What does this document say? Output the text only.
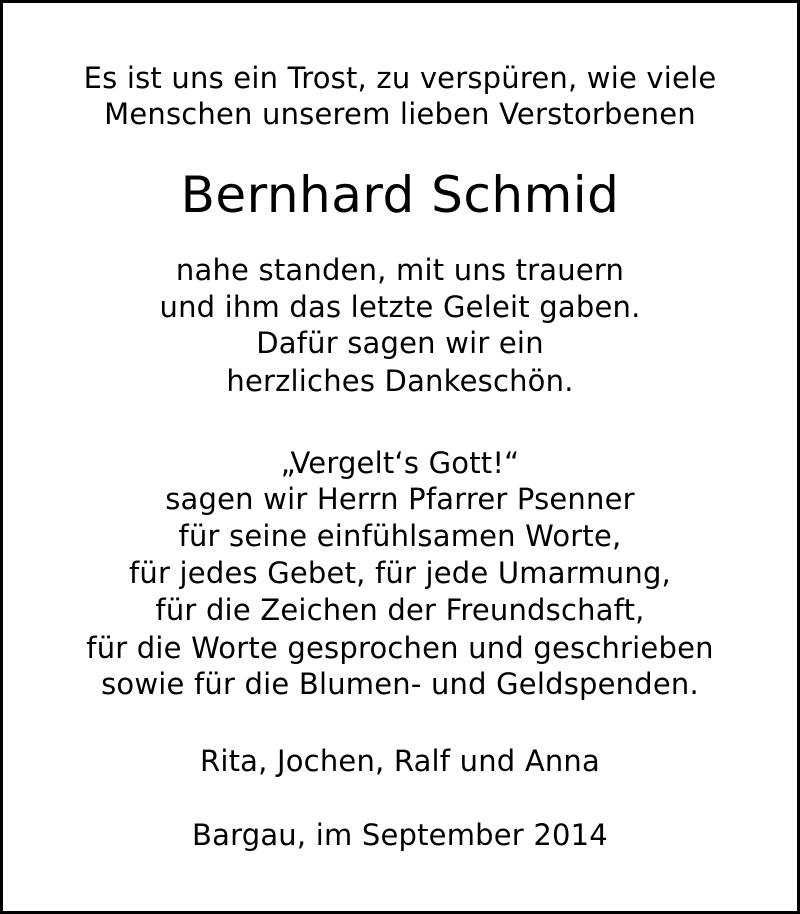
Es ist uns ein Trost, zu verspüren, wie viele
Menschen unserem lieben Verstorbenen
Bernhard Schmid
nahe standen, mit uns trauern
und ihm das letzte Geleit gaben.
Dafür sagen wir ein
herzliches Dankeschön.
„Vergelt‘s Gott!“
sagen wir Herrn Pfarrer Psenner
für seine einfühlsamen Worte,
für jedes Gebet, für jede Umarmung,
für die Zeichen der Freundschaft,
für die Worte gesprochen und geschrieben
sowie für die Blumen- und Geldspenden.
Rita, Jochen, Ralf und Anna
Bargau, im September 2014
